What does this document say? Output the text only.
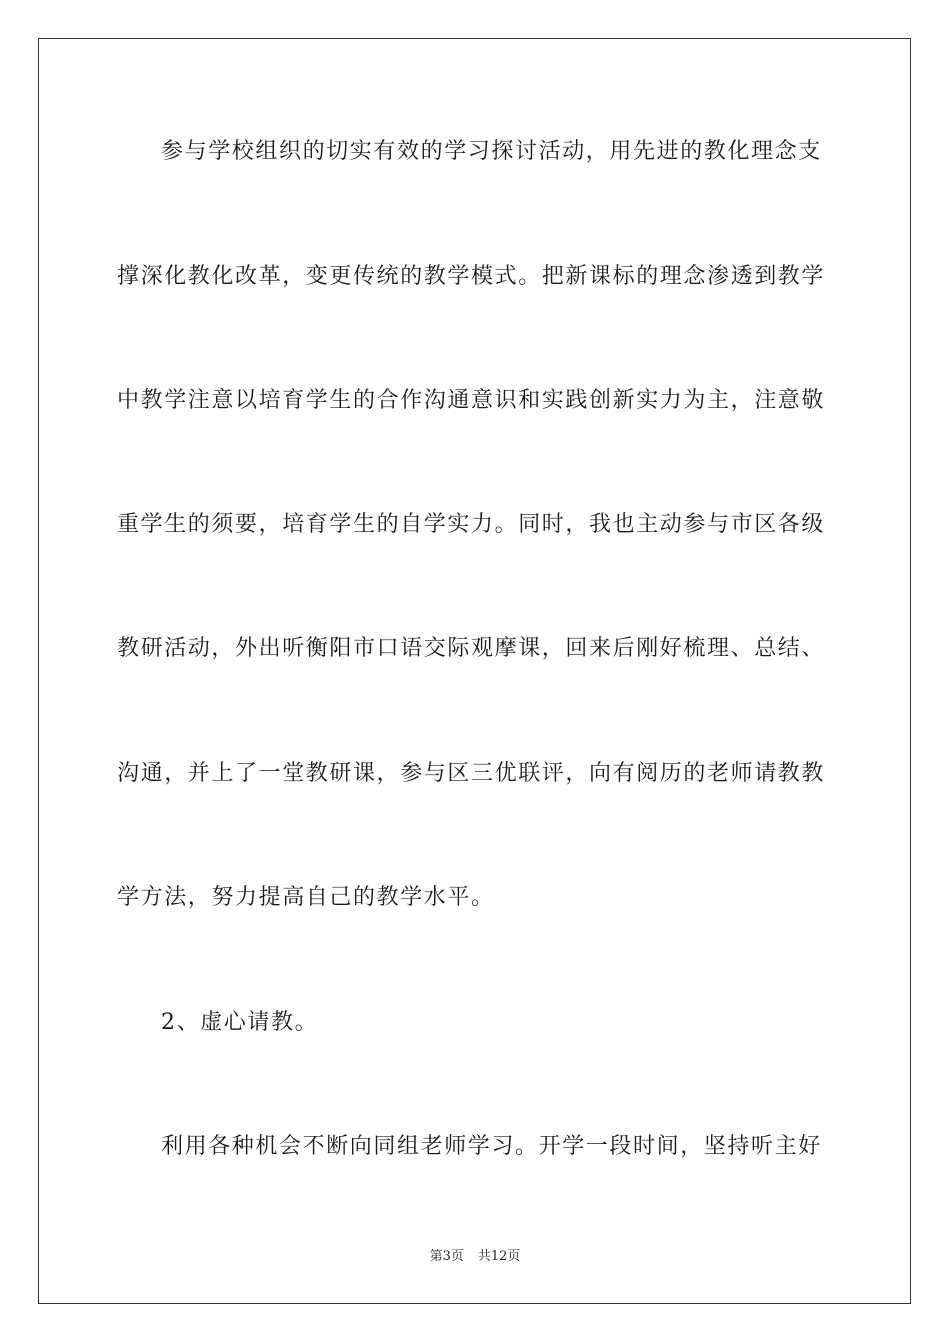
参与学校组织的切实有效的学习探讨活动，用先进的教化理念支
撑深化教化改革，变更传统的教学模式。把新课标的理念渗透到教学
中教学注意以培育学生的合作沟通意识和实践创新实力为主，注意敬
重学生的须要，培育学生的自学实力。同时，我也主动参与市区各级
教研活动，外出听衡阳市口语交际观摩课，回来后刚好梳理、总结、
沟通，并上了一堂教研课，参与区三优联评，向有阅历的老师请教教
学方法，努力提高自己的教学水平。
2、虚心请教。
利用各种机会不断向同组老师学习。开学一段时间，坚持听主好
第3页 共12页
